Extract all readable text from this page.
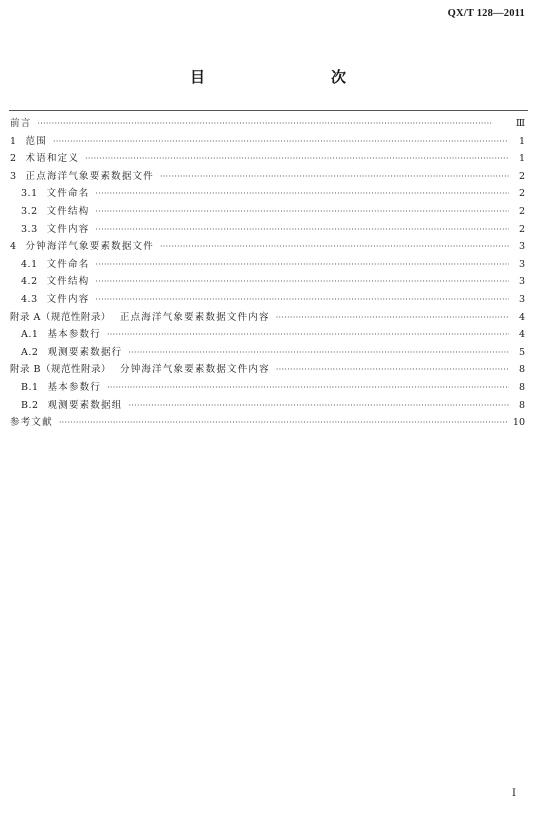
QX/T 128—2011
目　　次
前言 ·····	Ⅲ
1 范围 ·····	1
2 术语和定义 ·····	1
3 正点海洋气象要素数据文件 ·····	2
3.1 文件命名 ·····	2
3.2 文件结构 ·····	2
3.3 文件内容 ·····	2
4 分钟海洋气象要素数据文件 ·····	3
4.1 文件命名 ·····	3
4.2 文件结构 ·····	3
4.3 文件内容 ·····	3
附录 A（规范性附录） 正点海洋气象要素数据文件内容 ·····	4
A.1 基本参数行 ·····	4
A.2 观测要素数据行 ·····	5
附录 B（规范性附录） 分钟海洋气象要素数据文件内容 ·····	8
B.1 基本参数行 ·····	8
B.2 观测要素数据组 ·····	8
参考文献 ·····	10
Ⅰ
